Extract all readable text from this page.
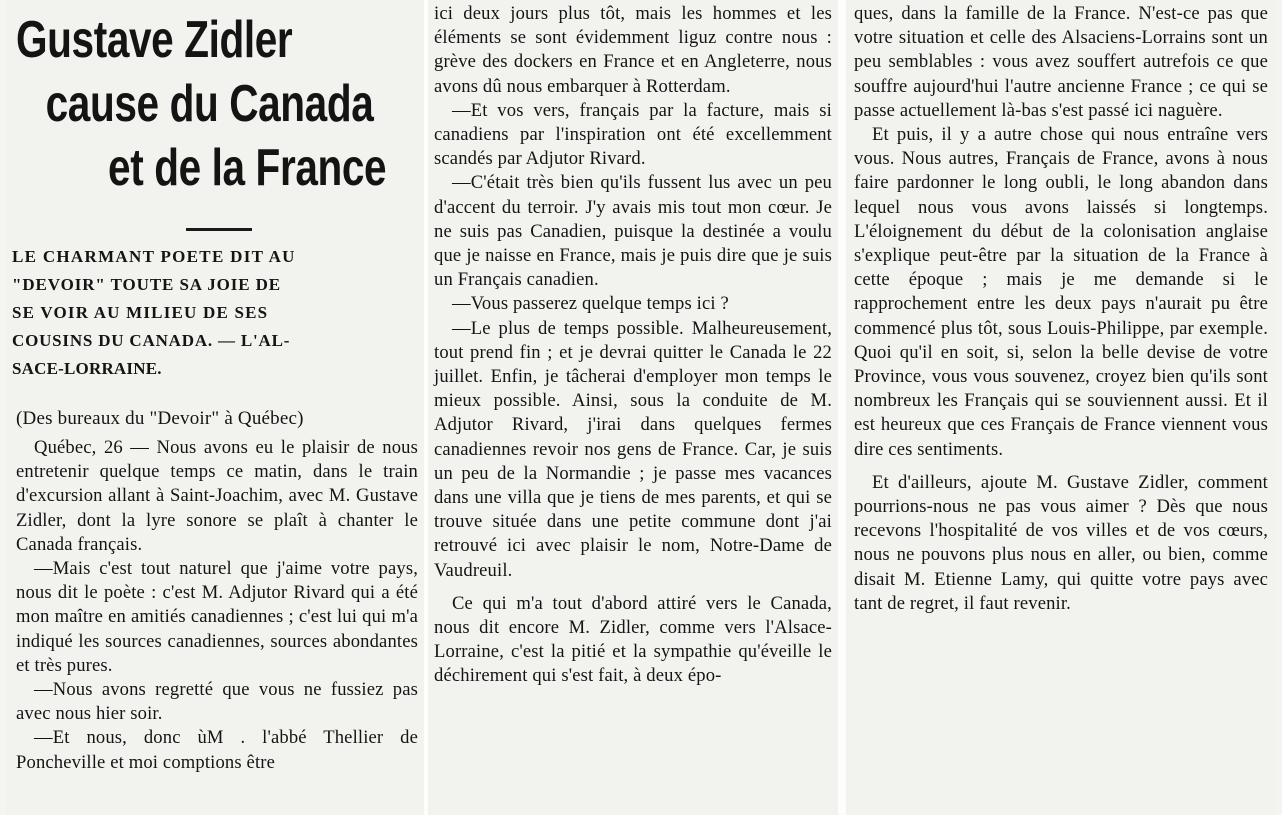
Gustave Zidler
cause du Canada
et de la France
LE CHARMANT POETE DIT AU
"DEVOIR" TOUTE SA JOIE DE
SE VOIR AU MILIEU DE SES
COUSINS DU CANADA. — L'AL-
SACE-LORRAINE.
(Des bureaux du "Devoir" à Québec)

Québec, 26 — Nous avons eu le plaisir de nous entretenir quelque temps ce matin, dans le train d'excursion allant à Saint-Joachim, avec M. Gustave Zidler, dont la lyre sonore se plaît à chanter le Canada français.

—Mais c'est tout naturel que j'aime votre pays, nous dit le poète : c'est M. Adjutor Rivard qui a été mon maître en amitiés canadiennes ; c'est lui qui m'a indiqué les sources canadiennes, sources abondantes et très pures.

—Nous avons regretté que vous ne fussiez pas avec nous hier soir.

—Et nous, donc ùM . l'abbé Thellier de Poncheville et moi comptions être

ici deux jours plus tôt, mais les hommes et les éléments se sont évidemment liguz contre nous : grève des dockers en France et en Angleterre, nous avons dû nous embarquer à Rotterdam.

—Et vos vers, français par la facture, mais si canadiens par l'inspiration ont été excellemment scandés par Adjutor Rivard.

—C'était très bien qu'ils fussent lus avec un peu d'accent du terroir. J'y avais mis tout mon cœur. Je ne suis pas Canadien, puisque la destinée a voulu que je naisse en France, mais je puis dire que je suis un Français canadien.

—Vous passerez quelque temps ici ?

—Le plus de temps possible. Malheureusement, tout prend fin ; et je devrai quitter le Canada le 22 juillet. Enfin, je tâcherai d'employer mon temps le mieux possible. Ainsi, sous la conduite de M. Adjutor Rivard, j'irai dans quelques fermes canadiennes revoir nos gens de France. Car, je suis un peu de la Normandie ; je passe mes vacances dans une villa que je tiens de mes parents, et qui se trouve située dans une petite commune dont j'ai retrouvé ici avec plaisir le nom, Notre-Dame de Vaudreuil.

Ce qui m'a tout d'abord attiré vers le Canada, nous dit encore M. Zidler, comme vers l'Alsace-Lorraine, c'est la pitié et la sympathie qu'éveille le déchirement qui s'est fait, à deux épo-

ques, dans la famille de la France. N'est-ce pas que votre situation et celle des Alsaciens-Lorrains sont un peu semblables : vous avez souffert autrefois ce que souffre aujourd'hui l'autre ancienne France ; ce qui se passe actuellement là-bas s'est passé ici naguère.

Et puis, il y a autre chose qui nous entraîne vers vous. Nous autres, Français de France, avons à nous faire pardonner le long oubli, le long abandon dans lequel nous vous avons laissés si longtemps. L'éloignement du début de la colonisation anglaise s'explique peut-être par la situation de la France à cette époque ; mais je me demande si le rapprochement entre les deux pays n'aurait pu être commencé plus tôt, sous Louis-Philippe, par exemple. Quoi qu'il en soit, si, selon la belle devise de votre Province, vous vous souvenez, croyez bien qu'ils sont nombreux les Français qui se souviennent aussi. Et il est heureux que ces Français de France viennent vous dire ces sentiments.

Et d'ailleurs, ajoute M. Gustave Zidler, comment pourrions-nous ne pas vous aimer ? Dès que nous recevons l'hospitalité de vos villes et de vos cœurs, nous ne pouvons plus nous en aller, ou bien, comme disait M. Etienne Lamy, qui quitte votre pays avec tant de regret, il faut revenir.
